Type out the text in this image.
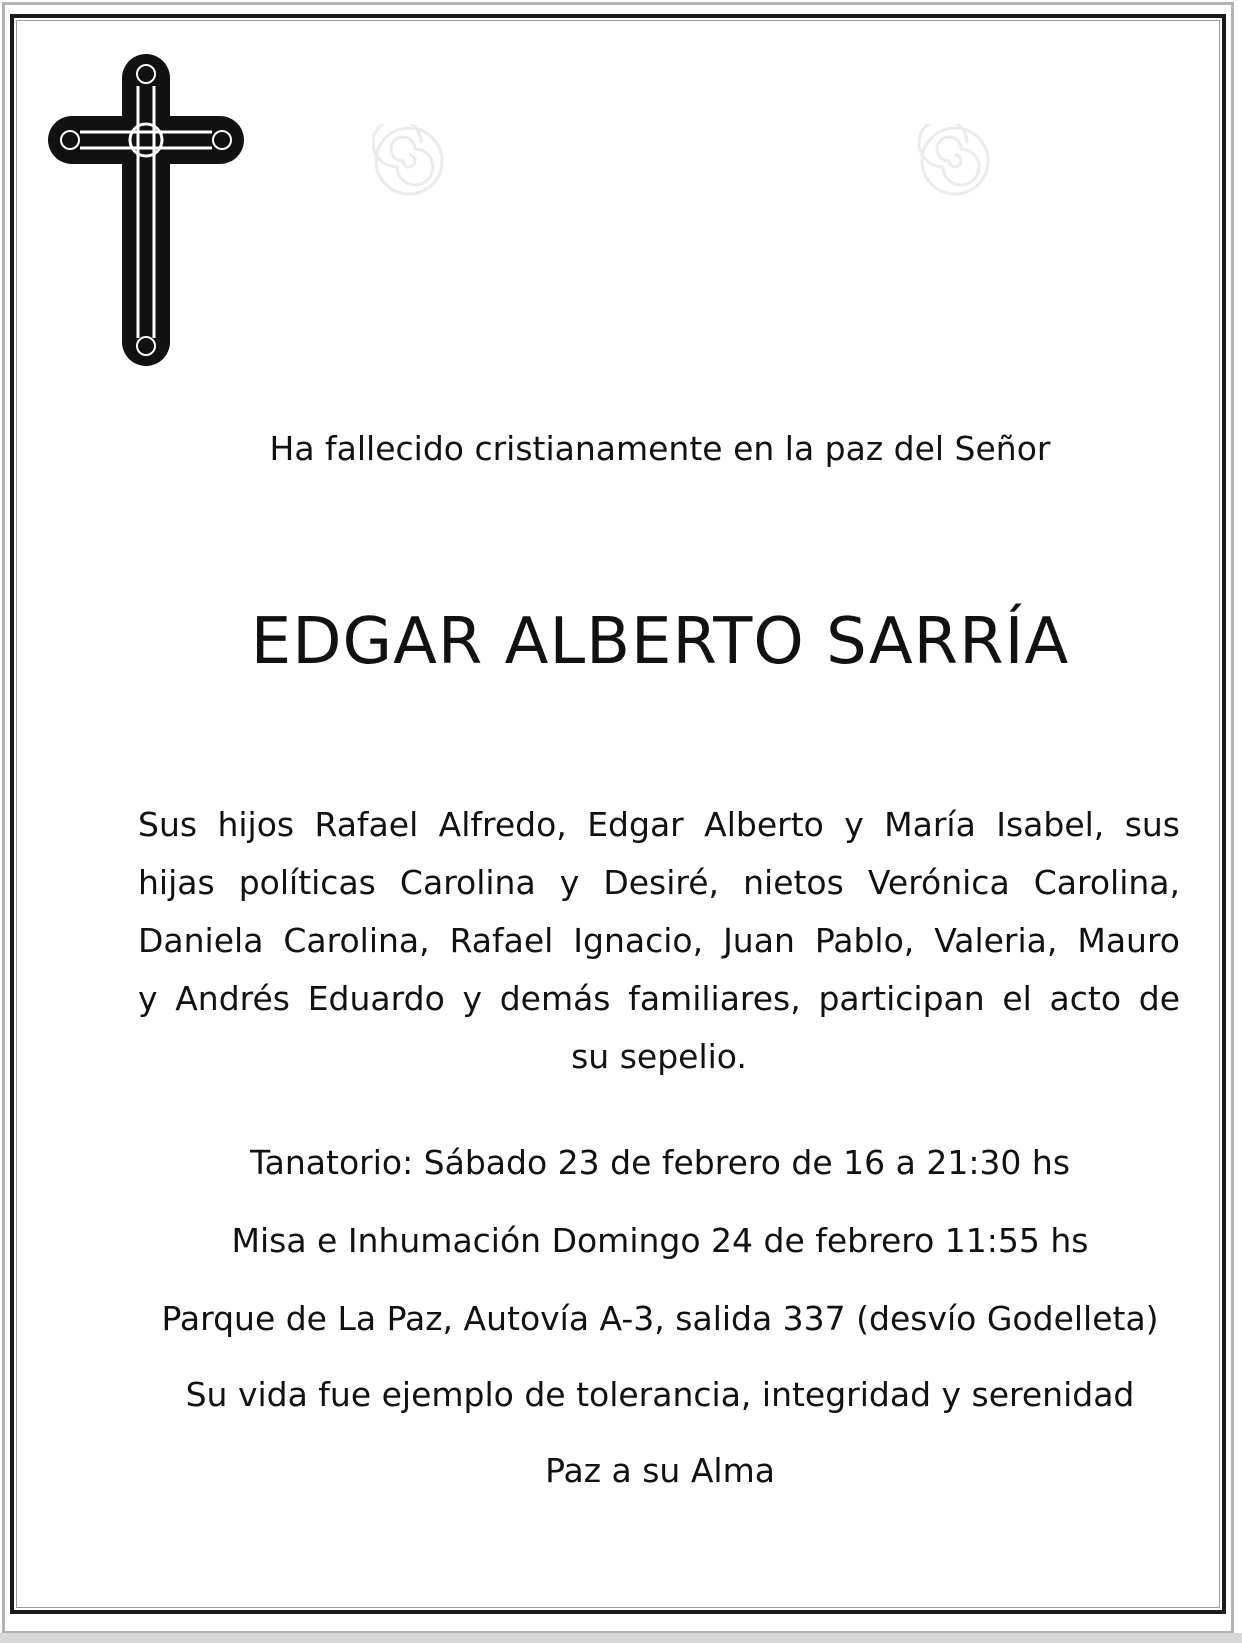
Ha fallecido cristianamente en la paz del Señor
EDGAR ALBERTO SARRÍA
Sus hijos Rafael Alfredo, Edgar Alberto y María Isabel, sus
hijas políticas Carolina y Desiré, nietos Verónica Carolina,
Daniela Carolina, Rafael Ignacio, Juan Pablo, Valeria, Mauro
y Andrés Eduardo y demás familiares, participan el acto de
su sepelio.
Tanatorio: Sábado 23 de febrero de 16 a 21:30 hs
Misa e Inhumación Domingo 24 de febrero 11:55 hs
Parque de La Paz, Autovía A-3, salida 337 (desvío Godelleta)
Su vida fue ejemplo de tolerancia, integridad y serenidad
Paz a su Alma
